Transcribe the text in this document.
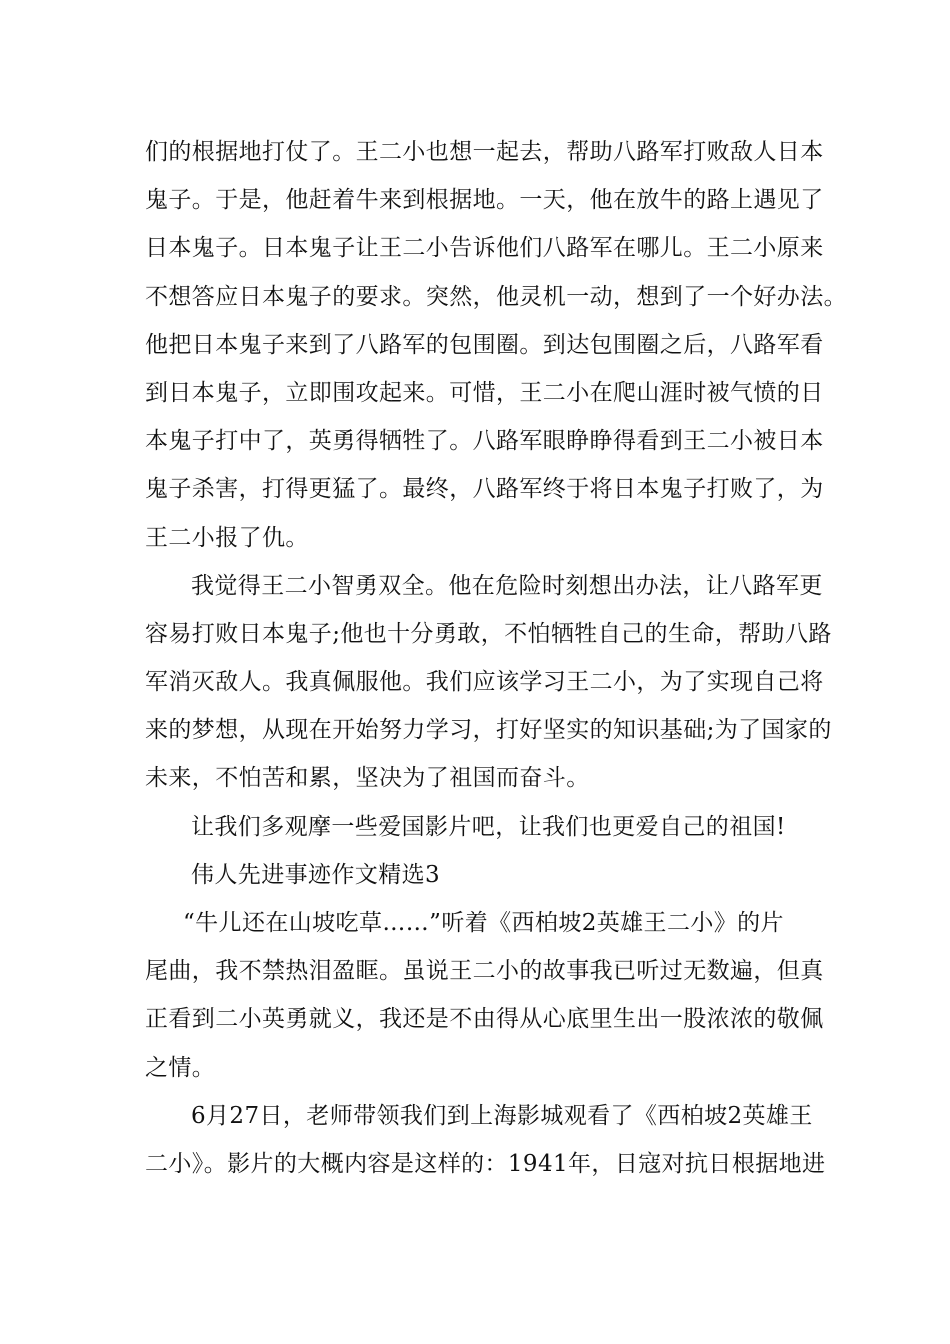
们的根据地打仗了。王二小也想一起去，帮助八路军打败敌人日本
鬼子。于是，他赶着牛来到根据地。一天，他在放牛的路上遇见了
日本鬼子。日本鬼子让王二小告诉他们八路军在哪儿。王二小原来
不想答应日本鬼子的要求。突然，他灵机一动，想到了一个好办法。
他把日本鬼子来到了八路军的包围圈。到达包围圈之后，八路军看
到日本鬼子，立即围攻起来。可惜，王二小在爬山涯时被气愤的日
本鬼子打中了，英勇得牺牲了。八路军眼睁睁得看到王二小被日本
鬼子杀害，打得更猛了。最终，八路军终于将日本鬼子打败了，为
王二小报了仇。
我觉得王二小智勇双全。他在危险时刻想出办法，让八路军更
容易打败日本鬼子;他也十分勇敢，不怕牺牲自己的生命，帮助八路
军消灭敌人。我真佩服他。我们应该学习王二小，为了实现自己将
来的梦想，从现在开始努力学习，打好坚实的知识基础;为了国家的
未来，不怕苦和累，坚决为了祖国而奋斗。
让我们多观摩一些爱国影片吧，让我们也更爱自己的祖国!
伟人先进事迹作文精选3
“牛儿还在山坡吃草……”听着《西柏坡2英雄王二小》的片
尾曲，我不禁热泪盈眶。虽说王二小的故事我已听过无数遍，但真
正看到二小英勇就义，我还是不由得从心底里生出一股浓浓的敬佩
之情。
6月27日，老师带领我们到上海影城观看了《西柏坡2英雄王
二小》。影片的大概内容是这样的：1941年，日寇对抗日根据地进
